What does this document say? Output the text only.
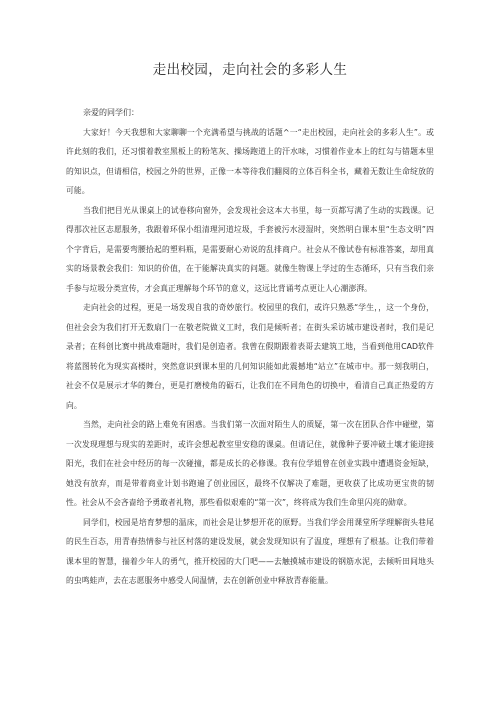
走出校园，走向社会的多彩人生

亲爱的同学们：

大家好！今天我想和大家聊聊一个充满希望与挑战的话题^一“走出校园，走向社会的多彩人生”。或许此刻的我们，还习惯着教室黑板上的粉笔灰、操场跑道上的汗水味，习惯着作业本上的红勾与错题本里的知识点，但请相信，校园之外的世界，正像一本等待我们翻阅的立体百科全书，藏着无数让生命绽放的可能。

当我们把目光从课桌上的试卷移向窗外，会发现社会这本大书里，每一页都写满了生动的实践课。记得那次社区志愿服务，我跟着环保小组清理河道垃圾，手套被污水浸湿时，突然明白课本里“生态文明”四个字背后，是需要弯腰拾起的塑料瓶，是需要耐心劝说的乱排商户。社会从不像试卷有标准答案，却用真实的场景教会我们：知识的价值，在于能解决真实的问题。就像生物课上学过的生态循环，只有当我们亲手参与垃圾分类宣传，才会真正理解每个环节的意义，这远比背诵考点更让人心潮澎湃。

走向社会的过程，更是一场发现自我的奇妙旅行。校园里的我们，或许只熟悉“学生，，这一个身份，但社会会为我们打开无数扇门一在敬老院做义工时，我们是倾听者；在街头采访城市建设者时，我们是记录者；在科创比赛中挑战难题时，我们是创造者。我曾在假期跟着表哥去建筑工地，当看到他用CAD软件将蓝图转化为现实高楼时，突然意识到课本里的几何知识能如此震撼地“站立”在城市中。那一刻我明白，社会不仅是展示才华的舞台，更是打磨棱角的砺石，让我们在不同角色的切换中，看清自己真正热爱的方向。

当然，走向社会的路上难免有困惑。当我们第一次面对陌生人的质疑，第一次在团队合作中碰壁，第一次发现理想与现实的差距时，或许会想起教室里安稳的课桌。但请记住，就像种子要冲破土壤才能迎接阳光，我们在社会中经历的每一次碰撞，都是成长的必修课。我有位学姐曾在创业实践中遭遇资金短缺，她没有放弃，而是带着商业计划书跑遍了创业园区，最终不仅解决了难题，更收获了比成功更宝贵的韧性。社会从不会吝啬给予勇敢者礼物，那些看似艰难的“第一次”，终将成为我们生命里闪亮的勋章。

同学们，校园是培育梦想的温床，而社会是让梦想开花的原野。当我们学会用课堂所学理解街头巷尾的民生百态，用青春热情参与社区村落的建设发展，就会发现知识有了温度，理想有了根基。让我们带着课本里的智慧，揣着少年人的勇气，推开校园的大门吧——去触摸城市建设的钢筋水泥，去倾听田间地头的虫鸣蛙声，去在志愿服务中感受人间温情，去在创新创业中释放青春能量。
